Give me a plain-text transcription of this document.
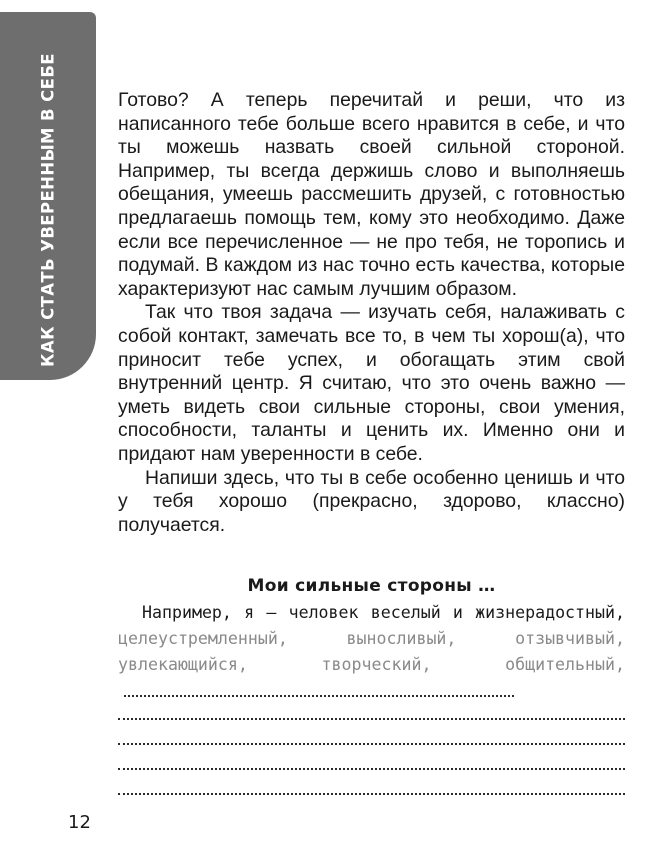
КАК СТАТЬ УВЕРЕННЫМ В СЕБЕ	Готово? А теперь перечитай и реши, что из написанного тебе больше всего нравится в себе, и что ты можешь назвать своей сильной стороной. Например, ты всегда держишь слово и выполняешь обещания, умеешь рассмешить друзей, с готовностью предлагаешь помощь тем, кому это необходимо. Даже если все перечисленное — не про тебя, не торопись и подумай. В каждом из нас точно есть качества, которые характеризуют нас самым лучшим образом.

Так что твоя задача — изучать себя, налаживать с собой контакт, замечать все то, в чем ты хорош(а), что приносит тебе успех, и обогащать этим свой внутренний центр. Я считаю, что это очень важно — уметь видеть свои сильные стороны, свои умения, способности, таланты и ценить их. Именно они и придают нам уверенности в себе.

Напиши здесь, что ты в себе особенно ценишь и что у тебя хорошо (прекрасно, здорово, классно) получается.

Мои сильные стороны …

Например, я — человек веселый и жизнерадостный, целеустремленный, выносливый, отзывчивый, увлекающийся, творческий, общительный,

12
